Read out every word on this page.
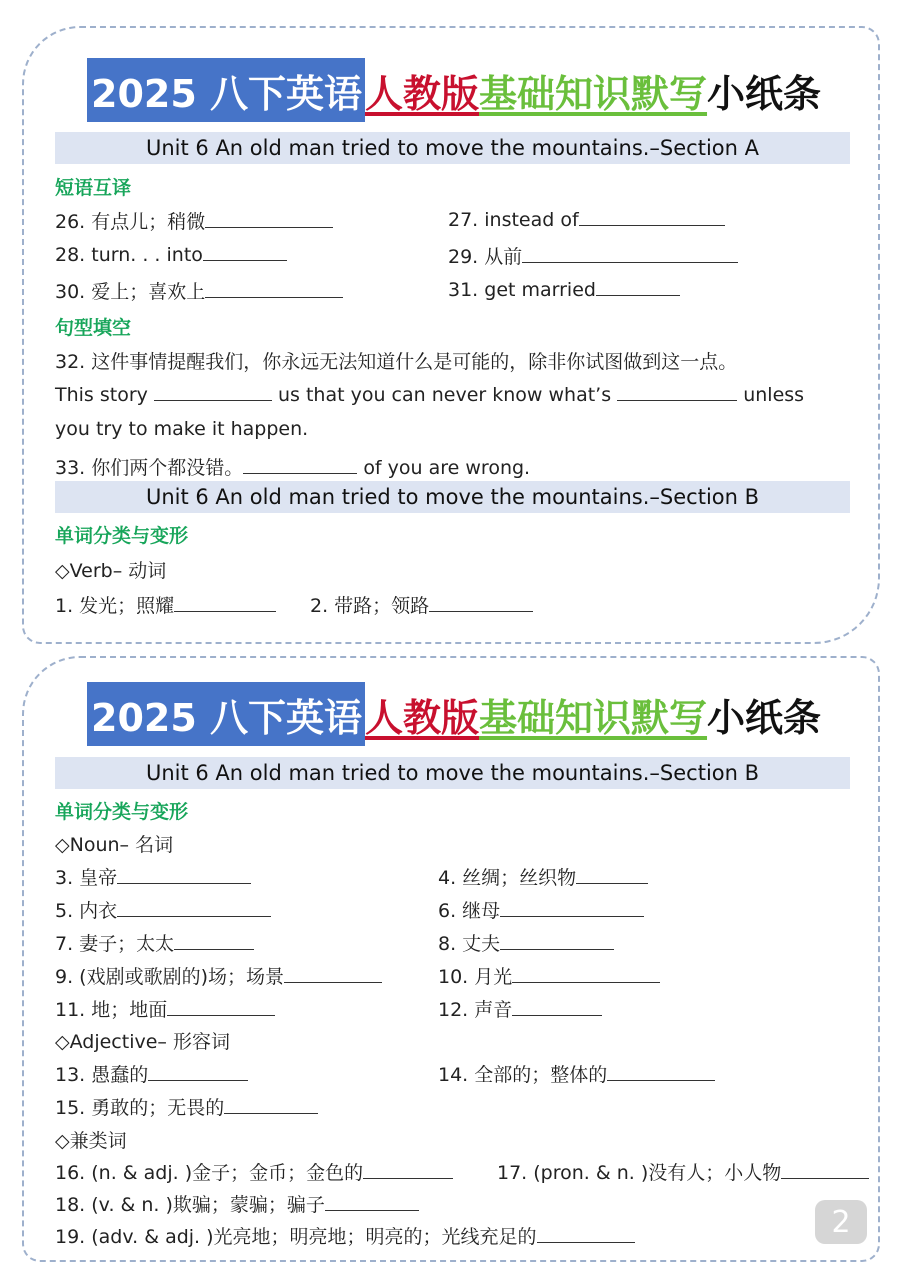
2025 八下英语 人教版 基础知识默写 小纸条
Unit 6 An old man tried to move the mountains.–Section A
短语互译
26. 有点儿；稍微	27. instead of
28. turn. . . into	29. 从前
30. 爱上；喜欢上	31. get married
句型填空
32. 这件事情提醒我们，你永远无法知道什么是可能的，除非你试图做到这一点。
This story	us that you can never know what’s	unless
you try to make it happen.
33. 你们两个都没错。	of you are wrong.
Unit 6 An old man tried to move the mountains.–Section B
单词分类与变形
◇Verb– 动词
1. 发光；照耀	2. 带路；领路
2025 八下英语 人教版 基础知识默写 小纸条
Unit 6 An old man tried to move the mountains.–Section B
单词分类与变形
◇Noun– 名词
3. 皇帝	4. 丝绸；丝织物
5. 内衣	6. 继母
7. 妻子；太太	8. 丈夫
9. (戏剧或歌剧的)场；场景	10. 月光
11. 地；地面	12. 声音
◇Adjective– 形容词
13. 愚蠢的	14. 全部的；整体的
15. 勇敢的；无畏的
◇兼类词
16. (n. & adj. )金子；金币；金色的	17. (pron. & n. )没有人；小人物
18. (v. & n. )欺骗；蒙骗；骗子
19. (adv. & adj. )光亮地；明亮地；明亮的；光线充足的	2
